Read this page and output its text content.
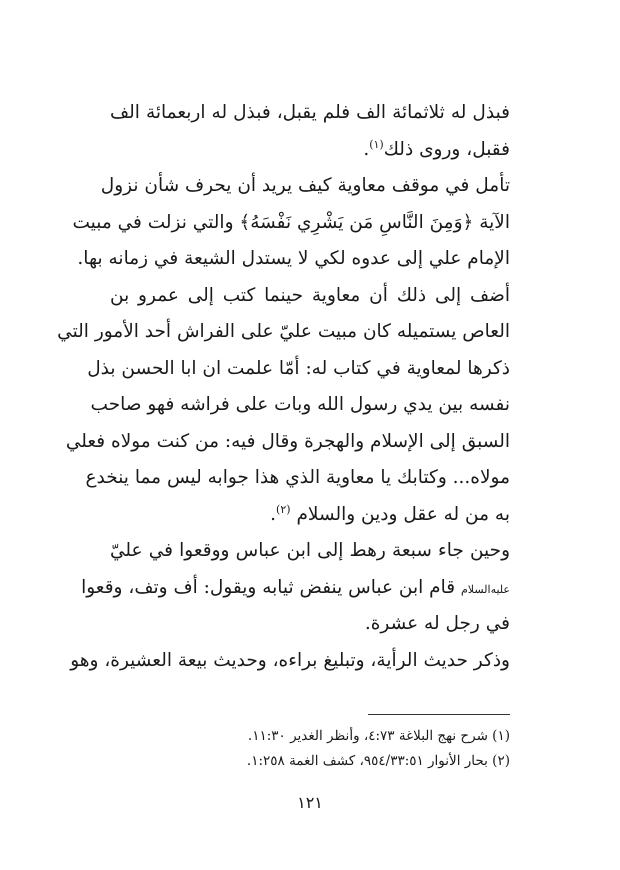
فبذل له ثلاثمائة الف فلم يقبل، فبذل له اربعمائة الف
فقبل، وروى ذلك$^{(١)}$.
تأمل في موقف معاوية كيف يريد أن يحرف شأن نزول
الآية ﴿وَمِنَ النَّاسِ مَن يَشْرِي نَفْسَهُ﴾ والتي نزلت في مبيت
الإمام علي إلى عدوه لكي لا يستدل الشيعة في زمانه بها.
أضف إلى ذلك أن معاوية حينما كتب إلى عمرو بن
العاص يستميله كان مبيت عليّ على الفراش أحد الأمور التي
ذكرها لمعاوية في كتاب له: أمّا علمت ان ابا الحسن بذل
نفسه بين يدي رسول الله وبات على فراشه فهو صاحب
السبق إلى الإسلام والهجرة وقال فيه: من كنت مولاه فعلي
مولاه... وكتابك يا معاوية الذي هذا جوابه ليس مما ينخدع
به من له عقل ودين والسلام $^{(٢)}$.
وحين جاء سبعة رهط إلى ابن عباس ووقعوا في عليّ
عليه‌السلام قام ابن عباس ينفض ثيابه ويقول: أف وتف، وقعوا
في رجل له عشرة.
وذكر حديث الرأية، وتبليغ براءه، وحديث بيعة العشيرة، وهو
(١) شرح نهج البلاغة ٤:٧٣، وأنظر الغدير ١١:٣٠.
(٢) بحار الأنوار ٩٥٤/٣٣:٥١، كشف الغمة ١:٢٥٨.
١٢١
